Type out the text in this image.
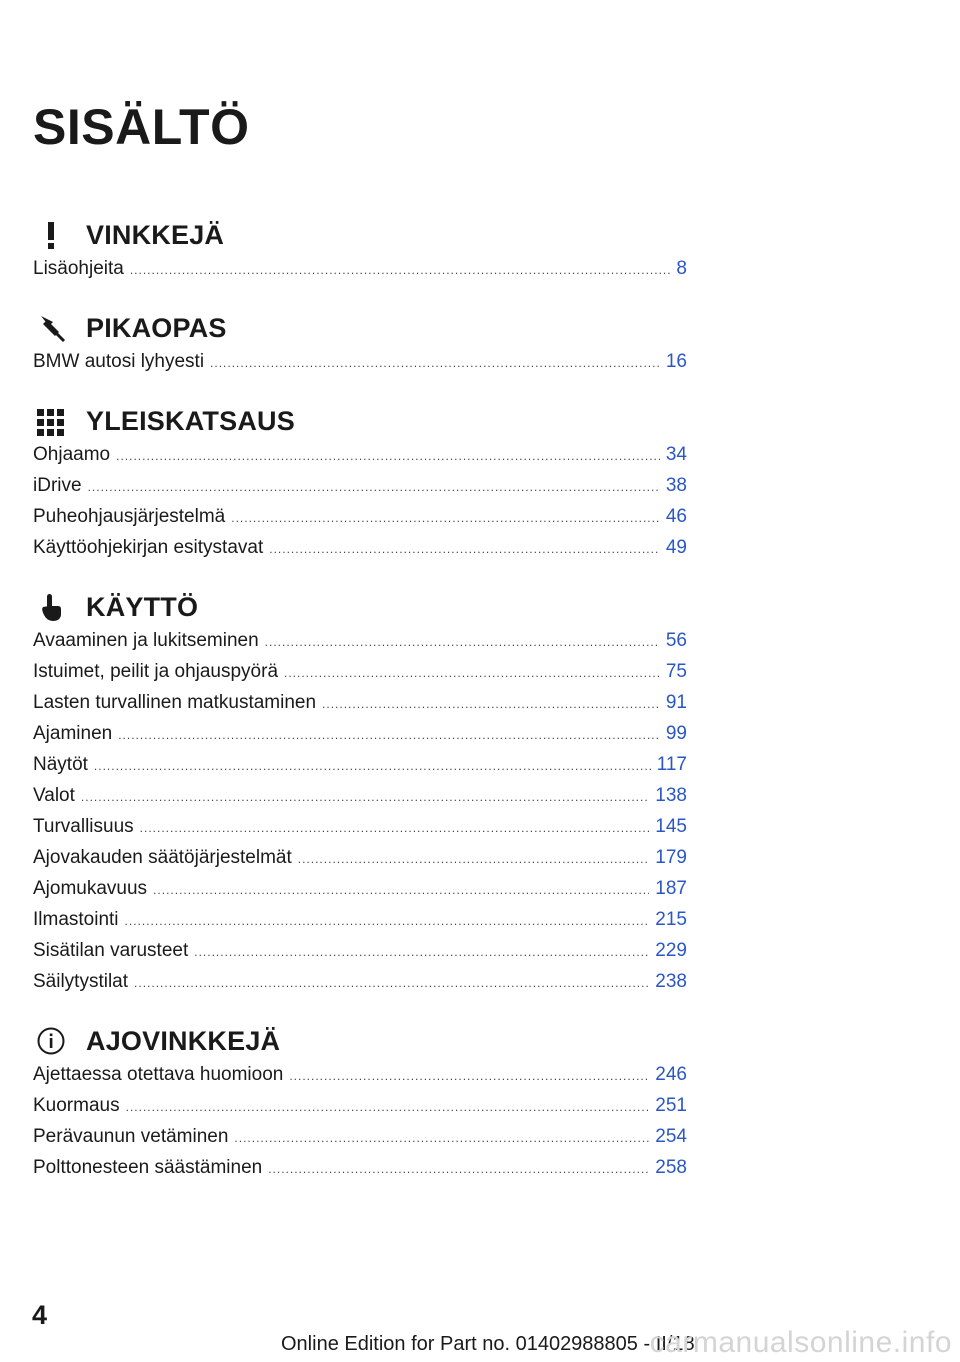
SISÄLTÖ
VINKKEJÄ
Lisäohjeita .....	8
PIKAOPAS
BMW autosi lyhyesti .....	16
YLEISKATSAUS
Ohjaamo .....	34
iDrive .....	38
Puheohjausjärjestelmä .....	46
Käyttöohjekirjan esitystavat .....	49
KÄYTTÖ
Avaaminen ja lukitseminen .....	56
Istuimet, peilit ja ohjauspyörä .....	75
Lasten turvallinen matkustaminen .....	91
Ajaminen .....	99
Näytöt .....	117
Valot .....	138
Turvallisuus .....	145
Ajovakauden säätöjärjestelmät .....	179
Ajomukavuus .....	187
Ilmastointi .....	215
Sisätilan varusteet .....	229
Säilytystilat .....	238
AJOVINKKEJÄ
Ajettaessa otettava huomioon .....	246
Kuormaus .....	251
Perävaunun vetäminen .....	254
Polttonesteen säästäminen .....	258
4
Online Edition for Part no. 01402988805 - II/18
carmanualsonline.info
